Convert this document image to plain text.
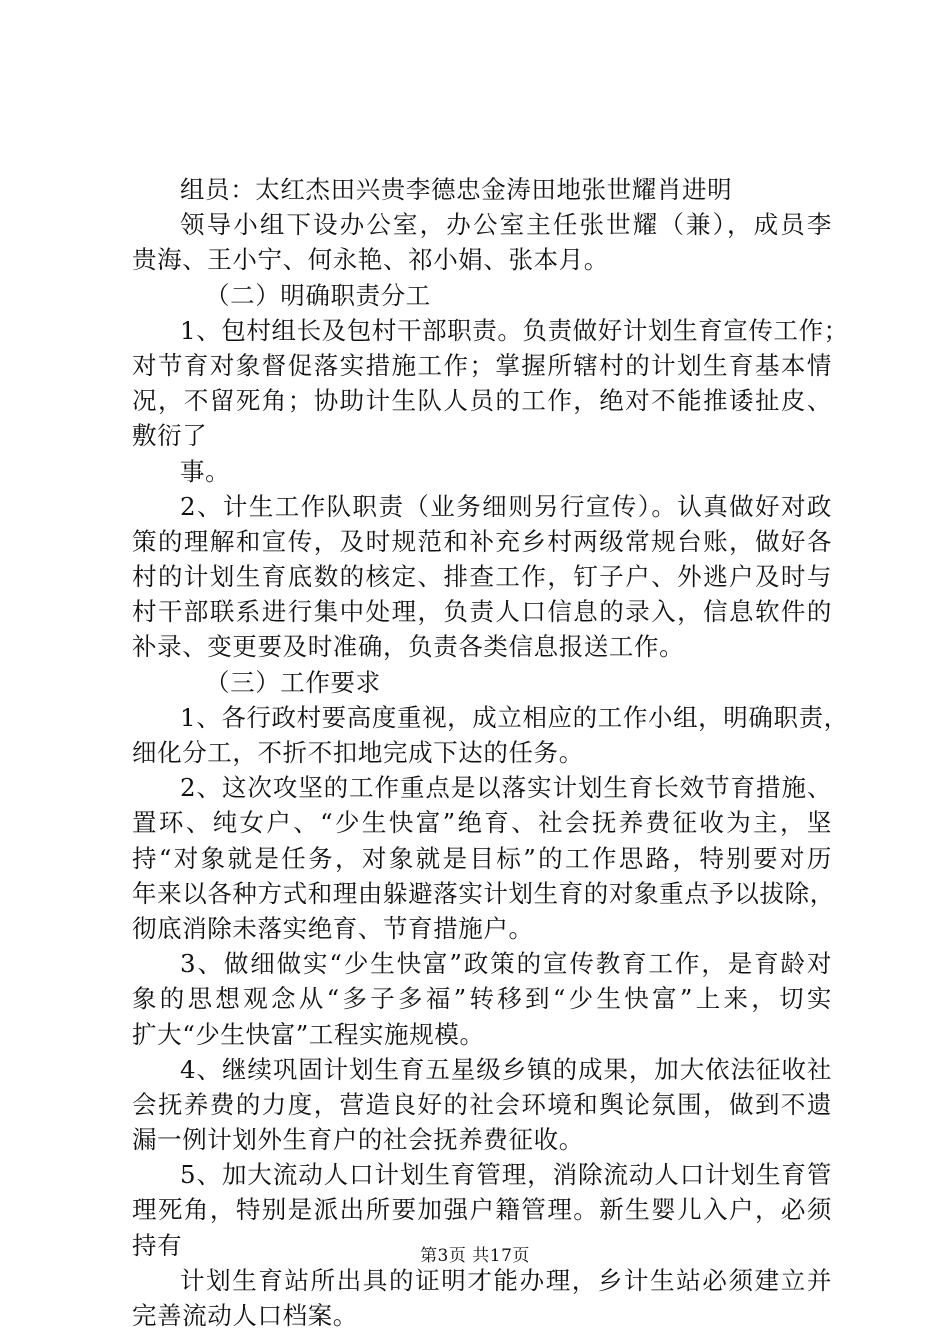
组员：太红杰田兴贵李德忠金涛田地张世耀肖进明
领导小组下设办公室，办公室主任张世耀（兼），成员李
贵海、王小宁、何永艳、祁小娟、张本月。
（二）明确职责分工
1、包村组长及包村干部职责。负责做好计划生育宣传工作；
对节育对象督促落实措施工作；掌握所辖村的计划生育基本情
况，不留死角；协助计生队人员的工作，绝对不能推诿扯皮、
敷衍了
事。
2、计生工作队职责（业务细则另行宣传）。认真做好对政
策的理解和宣传，及时规范和补充乡村两级常规台账，做好各
村的计划生育底数的核定、排查工作，钉子户、外逃户及时与
村干部联系进行集中处理，负责人口信息的录入，信息软件的
补录、变更要及时准确，负责各类信息报送工作。
（三）工作要求
1、各行政村要高度重视，成立相应的工作小组，明确职责，
细化分工，不折不扣地完成下达的任务。
2、这次攻坚的工作重点是以落实计划生育长效节育措施、
置环、纯女户、“少生快富”绝育、社会抚养费征收为主，坚
持“对象就是任务，对象就是目标”的工作思路，特别要对历
年来以各种方式和理由躲避落实计划生育的对象重点予以拔除，
彻底消除未落实绝育、节育措施户。
3、做细做实“少生快富”政策的宣传教育工作，是育龄对
象的思想观念从“多子多福”转移到“少生快富”上来，切实
扩大“少生快富”工程实施规模。
4、继续巩固计划生育五星级乡镇的成果，加大依法征收社
会抚养费的力度，营造良好的社会环境和舆论氛围，做到不遗
漏一例计划外生育户的社会抚养费征收。
5、加大流动人口计划生育管理，消除流动人口计划生育管
理死角，特别是派出所要加强户籍管理。新生婴儿入户，必须
持有
计划生育站所出具的证明才能办理，乡计生站必须建立并
完善流动人口档案。
第3页 共17页
